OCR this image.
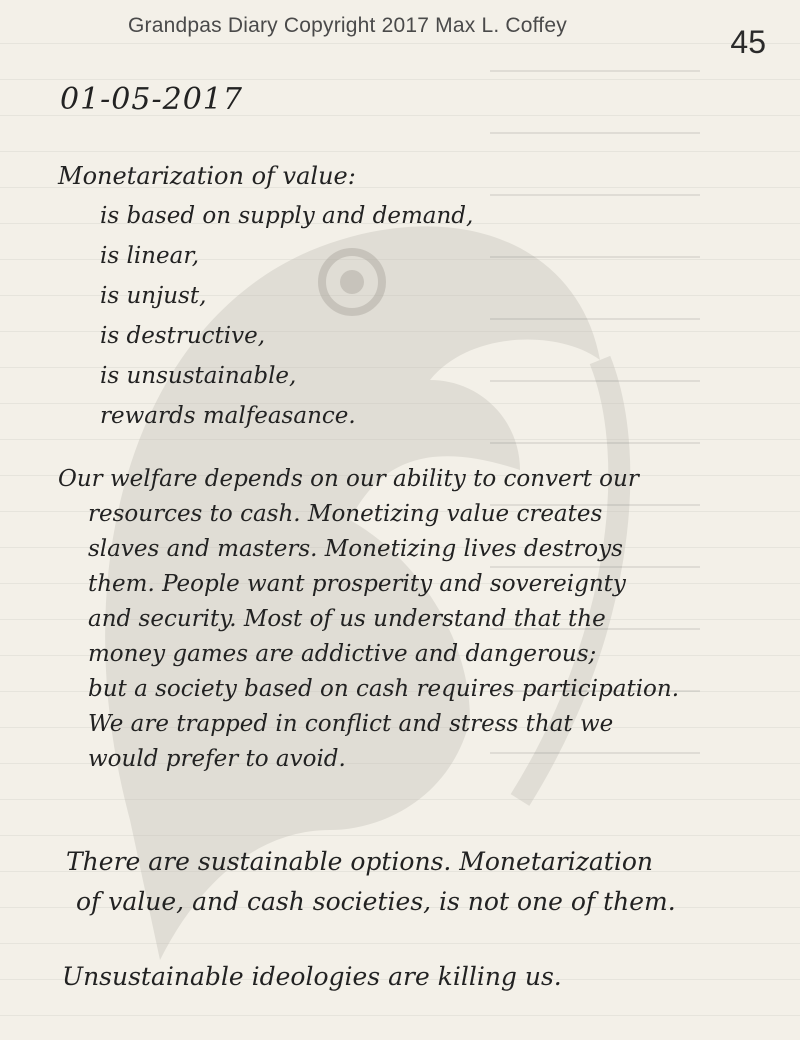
Grandpas Diary Copyright 2017 Max L. Coffey	45
01-05-2017
Monetarization of value:
is based on supply and demand,
is linear,
is unjust,
is destructive,
is unsustainable,
rewards malfeasance.
Our welfare depends on our ability to convert our
resources to cash. Monetizing value creates
slaves and masters. Monetizing lives destroys
them. People want prosperity and sovereignty
and security. Most of us understand that the
money games are addictive and dangerous;
but a society based on cash requires participation.
We are trapped in conflict and stress that we
would prefer to avoid.
There are sustainable options. Monetarization
of value, and cash societies, is not one of them.
Unsustainable ideologies are killing us.
